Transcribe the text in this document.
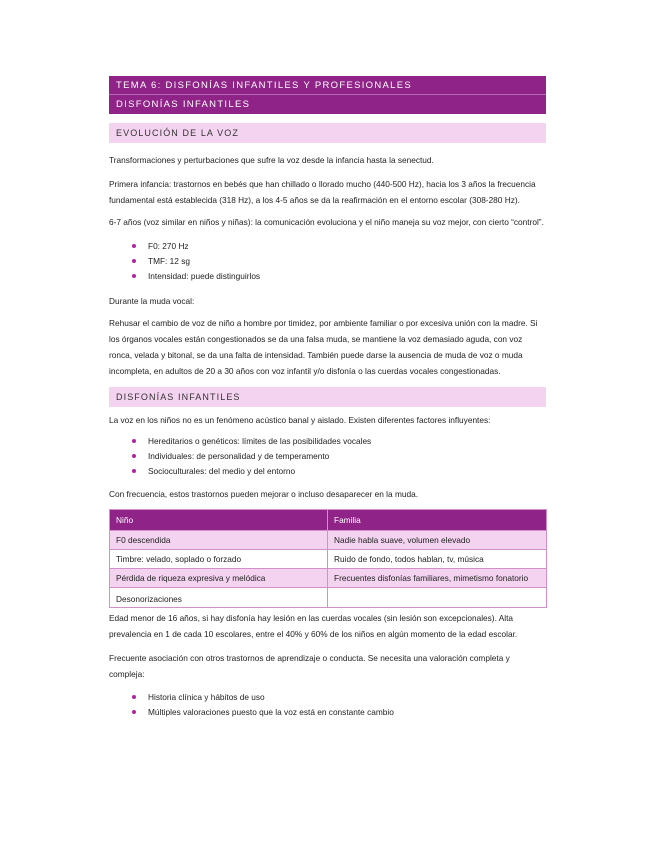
TEMA 6: DISFONÍAS INFANTILES Y PROFESIONALES
DISFONÍAS INFANTILES
EVOLUCIÓN DE LA VOZ

Transformaciones y perturbaciones que sufre la voz desde la infancia hasta la senectud.

Primera infancia: trastornos en bebés que han chillado o llorado mucho (440-500 Hz), hacia los 3 años la frecuencia fundamental está establecida (318 Hz), a los 4-5 años se da la reafirmación en el entorno escolar (308-280 Hz).

6-7 años (voz similar en niños y niñas): la comunicación evoluciona y el niño maneja su voz mejor, con cierto “control”.

F0: 270 Hz
TMF: 12 sg
Intensidad: puede distinguirlos

Durante la muda vocal:

Rehusar el cambio de voz de niño a hombre por timidez, por ambiente familiar o por excesiva unión con la madre. Si los órganos vocales están congestionados se da una falsa muda, se mantiene la voz demasiado aguda, con voz ronca, velada y bitonal, se da una falta de intensidad. También puede darse la ausencia de muda de voz o muda incompleta, en adultos de 20 a 30 años con voz infantil y/o disfonía o las cuerdas vocales congestionadas.

DISFONÍAS INFANTILES

La voz en los niños no es un fenómeno acústico banal y aislado. Existen diferentes factores influyentes:

Hereditarios o genéticos: límites de las posibilidades vocales
Individuales: de personalidad y de temperamento
Socioculturales: del medio y del entorno

Con frecuencia, estos trastornos pueden mejorar o incluso desaparecer en la muda.

Niño	Familia
F0 descendida	Nadie habla suave, volumen elevado
Timbre: velado, soplado o forzado	Ruido de fondo, todos hablan, tv, música
Pérdida de riqueza expresiva y melódica	Frecuentes disfonías familiares, mimetismo fonatorio
Desonorizaciones	

Edad menor de 16 años, si hay disfonía hay lesión en las cuerdas vocales (sin lesión son excepcionales). Alta prevalencia en 1 de cada 10 escolares, entre el 40% y 60% de los niños en algún momento de la edad escolar.

Frecuente asociación con otros trastornos de aprendizaje o conducta. Se necesita una valoración completa y compleja:

Historia clínica y hábitos de uso
Múltiples valoraciones puesto que la voz está en constante cambio
